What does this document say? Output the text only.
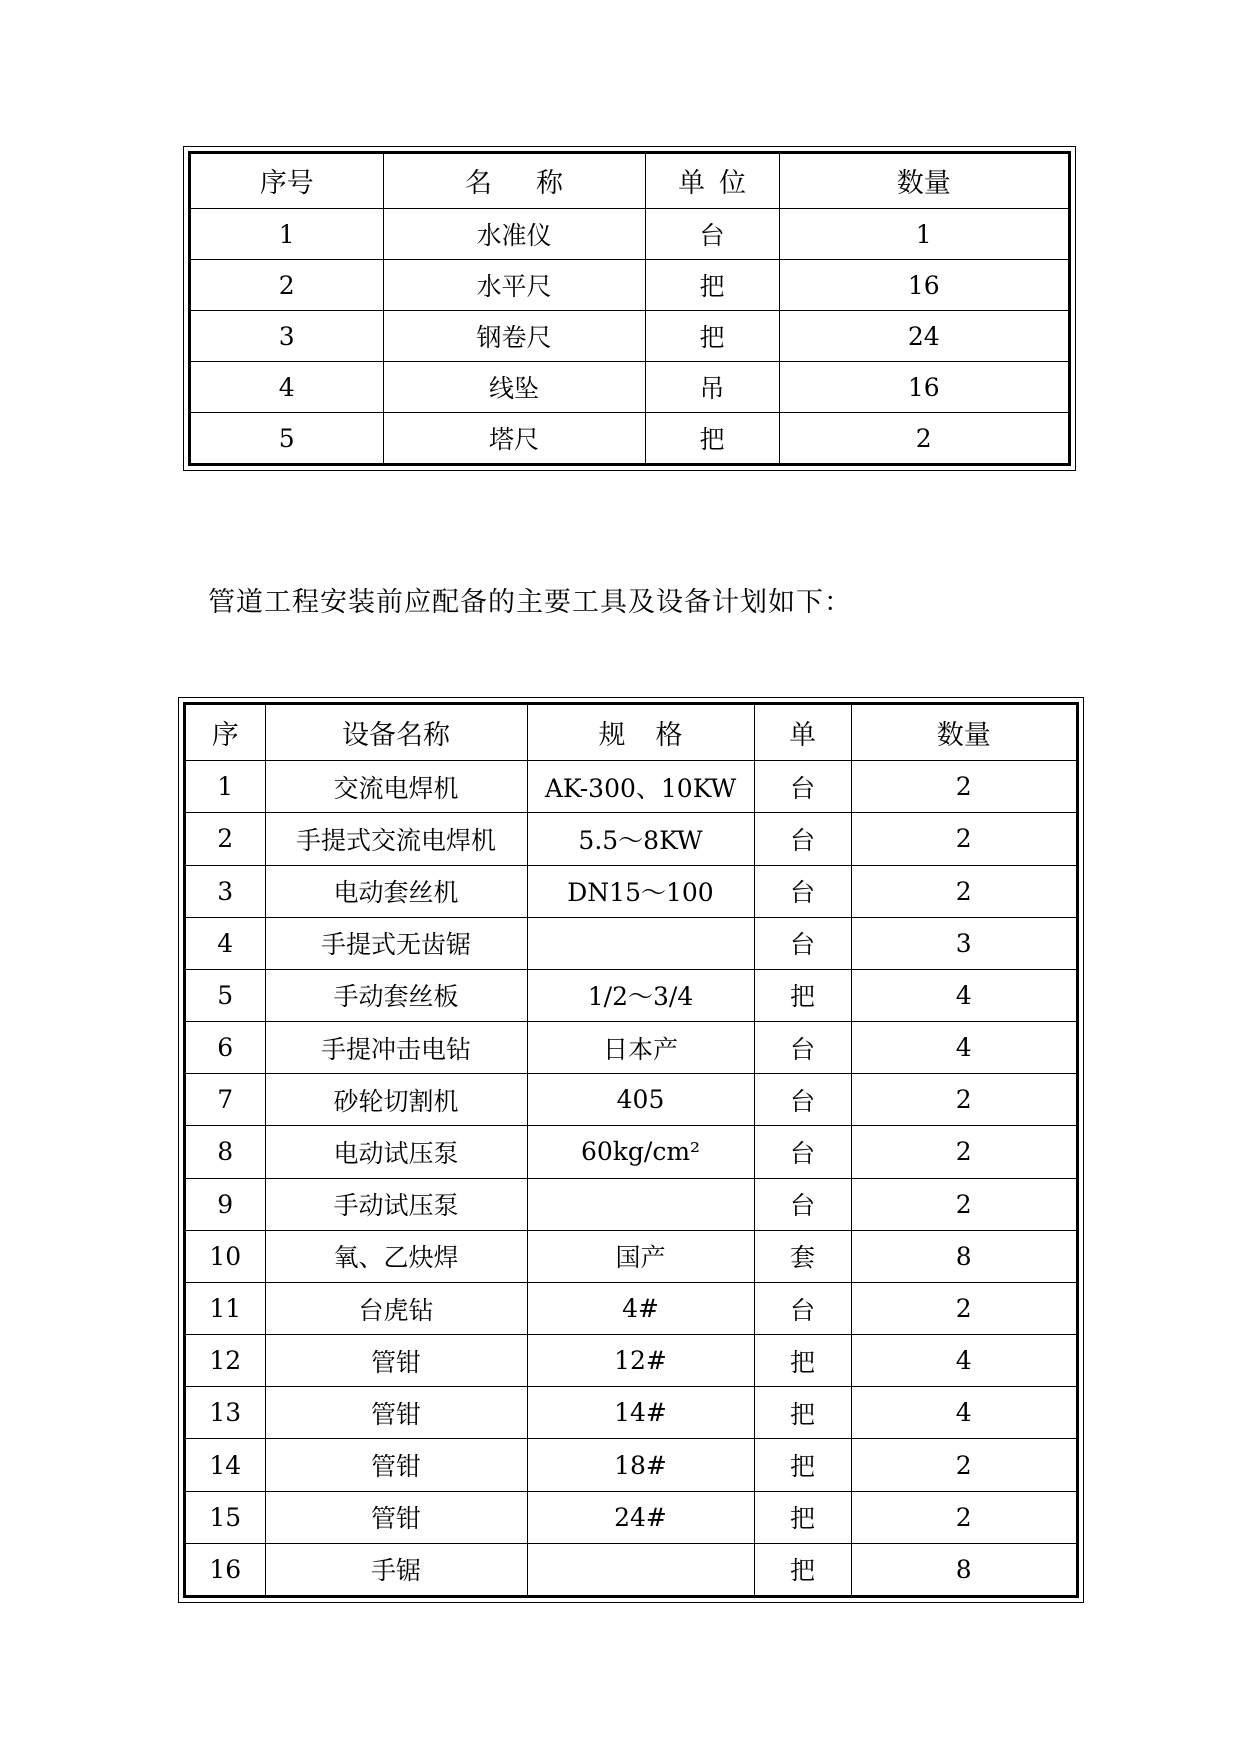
序号	名称	单位	数量
1	水准仪	台	1
2	水平尺	把	16
3	钢卷尺	把	24
4	线坠	吊	16
5	塔尺	把	2
管道工程安装前应配备的主要工具及设备计划如下：
序	设备名称	规格	单	数量
1	交流电焊机	AK-300、10KW	台	2
2	手提式交流电焊机	5.5～8KW	台	2
3	电动套丝机	DN15～100	台	2
4	手提式无齿锯		台	3
5	手动套丝板	1/2～3/4	把	4
6	手提冲击电钻	日本产	台	4
7	砂轮切割机	405	台	2
8	电动试压泵	60kg/cm²	台	2
9	手动试压泵		台	2
10	氧、乙炔焊	国产	套	8
11	台虎钻	4#	台	2
12	管钳	12#	把	4
13	管钳	14#	把	4
14	管钳	18#	把	2
15	管钳	24#	把	2
16	手锯		把	8
